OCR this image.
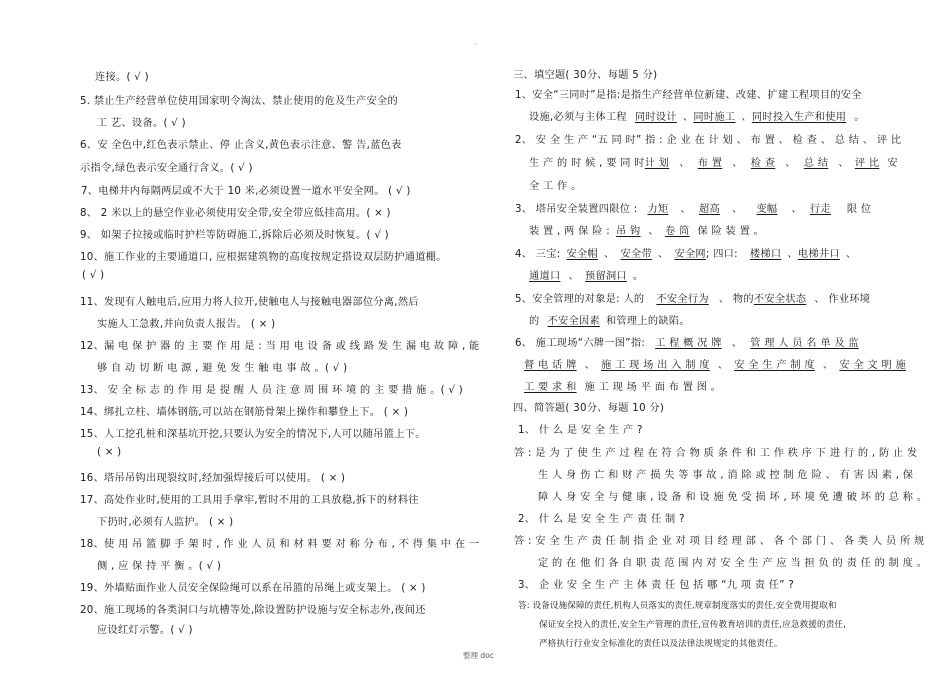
.
连接。( √ )
5. 禁止生产经营单位使用国家明令淘汰、禁止使用的危及生产安全的
工 艺、设备。( √ )
6、安 全色中,红色表示禁止、停 止含义,黄色表示注意、警 告,蓝色表
示指令,绿色表示安全通行含义。( √ )
7、电梯井内每隔两层或不大于 10 米,必须设置一道水平安全网。 ( √ )
8、 2 米以上的悬空作业必须使用安全带,安全带应低挂高用。( × )
9、 如架子拉接或临时护栏等防碍施工,拆除后必须及时恢复。( √ )
10、施工作业的主要通道口, 应根据建筑物的高度按规定搭设双层防护通道棚。
( √ )
11、发现有人触电后,应用力将人拉开,使触电人与接触电器部位分离,然后
实施人工急救,并向负责人报告。 ( × )
12、漏 电 保 护 器 的 主 要 作 用 是 : 当 用 电 设 备 或 线 路 发 生 漏 电 故 障 , 能
够 自 动 切 断 电 源 , 避 免 发 生 触 电 事 故 。( √ )
13、 安 全 标 志 的 作 用 是 提 醒 人 员 注 意 周 围 环 境 的 主 要 措 施 。( √ )
14、绑扎立柱、墙体钢筋,可以站在钢筋骨架上操作和攀登上下。 ( × )
15、人工挖孔桩和深基坑开挖,只要认为安全的情况下,人可以随吊篮上下。
( × )
16、塔吊吊钩出现裂纹时,经加强焊接后可以使用。 ( × )
17、高处作业时,使用的工具用手拿牢,暂时不用的工具放稳,拆下的材料往
下扔时,必须有人监护。 ( × )
18、使 用 吊 篮 脚 手 架 时 , 作 业 人 员 和 材 料 要 对 称 分 布 , 不 得 集 中 在 一
侧 , 应 保 持 平 衡 。( √ )
19、外墙贴面作业人员安全保险绳可以系在吊篮的吊绳上或支架上。 ( × )
20、施工现场的各类洞口与坑槽等处,除设置防护设施与安全标志外,夜间还
应设红灯示警。( √ )
三、填空题( 30分、每题 5 分)
1、安全“三同时”是指:是指生产经营单位新建、改建、扩建工程项目的安全
设施,必须与主体工程 同时设计 、同时施工 、同时投入生产和使用 。
2、 安 全 生 产 “五 同 时” 指 : 企 业 在 计 划 、 布 置 、 检 查 、 总 结 、 评 比
生 产 的 时 候 , 要 同 时计 划 、 布 置 、 检 查 、 总 结 、 评 比 安
全 工 作 。
3、 塔吊安全装置四限位 : 力矩 、 超高 、 变幅 、 行走 限 位
装 置 , 两 保 险 : 吊 钩 、 卷 筒 保 险 装 置 。
4、 三宝: 安全帽 、 安全带 、 安全网; 四口: 楼梯口 、电梯井口 、
通道口 、 预留洞口 。
5、安全管理的对象是: 人的 不安全行为 、 物的不安全状态 、 作业环境
的 不安全因素 和管理上的缺陷。
6、 施工现场“六牌一图”指: 工 程 概 况 牌 、 管 理 人 员 名 单 及 监
督 电 话 牌 、 施 工 现 场 出 入 制 度 、 安 全 生 产 制 度 、 安 全 文 明 施
工 要 求 和 施 工 现 场 平 面 布 置 图 。
四、简答题( 30分、每题 10 分)
1、 什 么 是 安 全 生 产 ?
答 : 是 为 了 使 生 产 过 程 在 符 合 物 质 条 件 和 工 作 秩 序 下 进 行 的 , 防 止 发
生 人 身 伤 亡 和 财 产 损 失 等 事 故 , 消 除 或 控 制 危 险 、 有 害 因 素 , 保
障 人 身 安 全 与 健 康 , 设 备 和 设 施 免 受 损 坏 , 环 境 免 遭 破 坏 的 总 称 。
2、 什 么 是 安 全 生 产 责 任 制 ?
答 : 安 全 生 产 责 任 制 指 企 业 对 项 目 经 理 部 、 各 个 部 门 、 各 类 人 员 所 规
定 的 在 他 们 各 自 职 责 范 围 内 对 安 全 生 产 应 当 担 负 的 责 任 的 制 度 。
3、 企 业 安 全 生 产 主 体 责 任 包 括 哪 “九 项 责 任” ?
答: 设备设施保障的责任,机构人员落实的责任,规章制度落实的责任,安全费用提取和
保证安全投入的责任,安全生产管理的责任,宣传教育培训的责任,应急救援的责任,
严格执行行业安全标准化的责任以及法律法规规定的其他责任。
整理 doc
